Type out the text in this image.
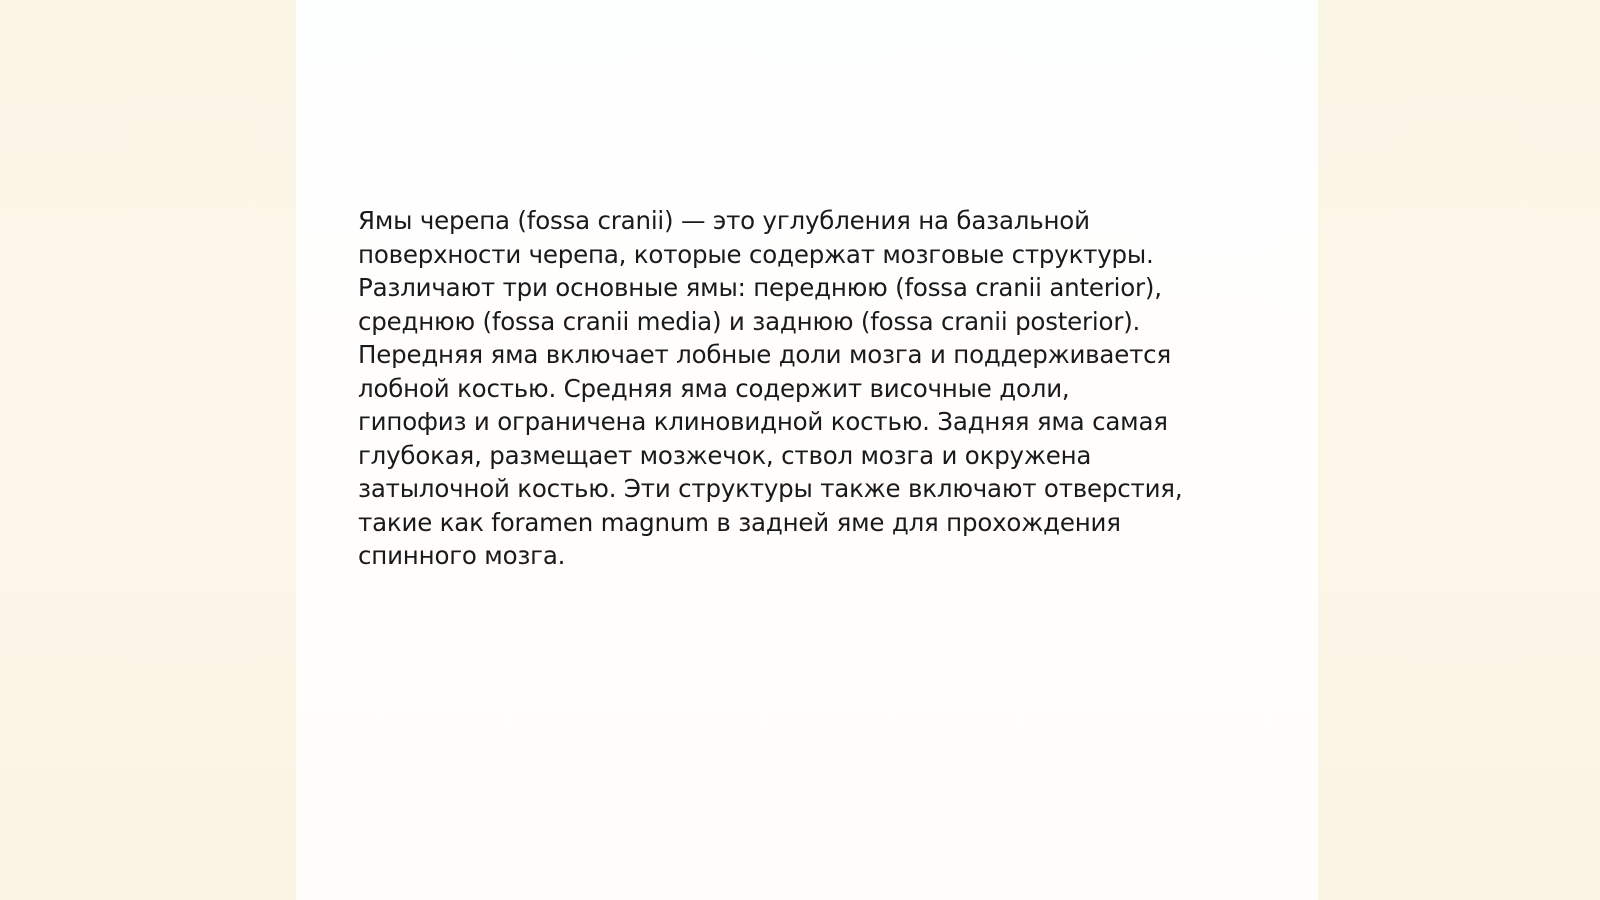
Ямы черепа (fossa cranii) — это углубления на базальной
поверхности черепа, которые содержат мозговые структуры.
Различают три основные ямы: переднюю (fossa cranii anterior),
среднюю (fossa cranii media) и заднюю (fossa cranii posterior).
Передняя яма включает лобные доли мозга и поддерживается
лобной костью. Средняя яма содержит височные доли,
гипофиз и ограничена клиновидной костью. Задняя яма самая
глубокая, размещает мозжечок, ствол мозга и окружена
затылочной костью. Эти структуры также включают отверстия,
такие как foramen magnum в задней яме для прохождения
спинного мозга.
